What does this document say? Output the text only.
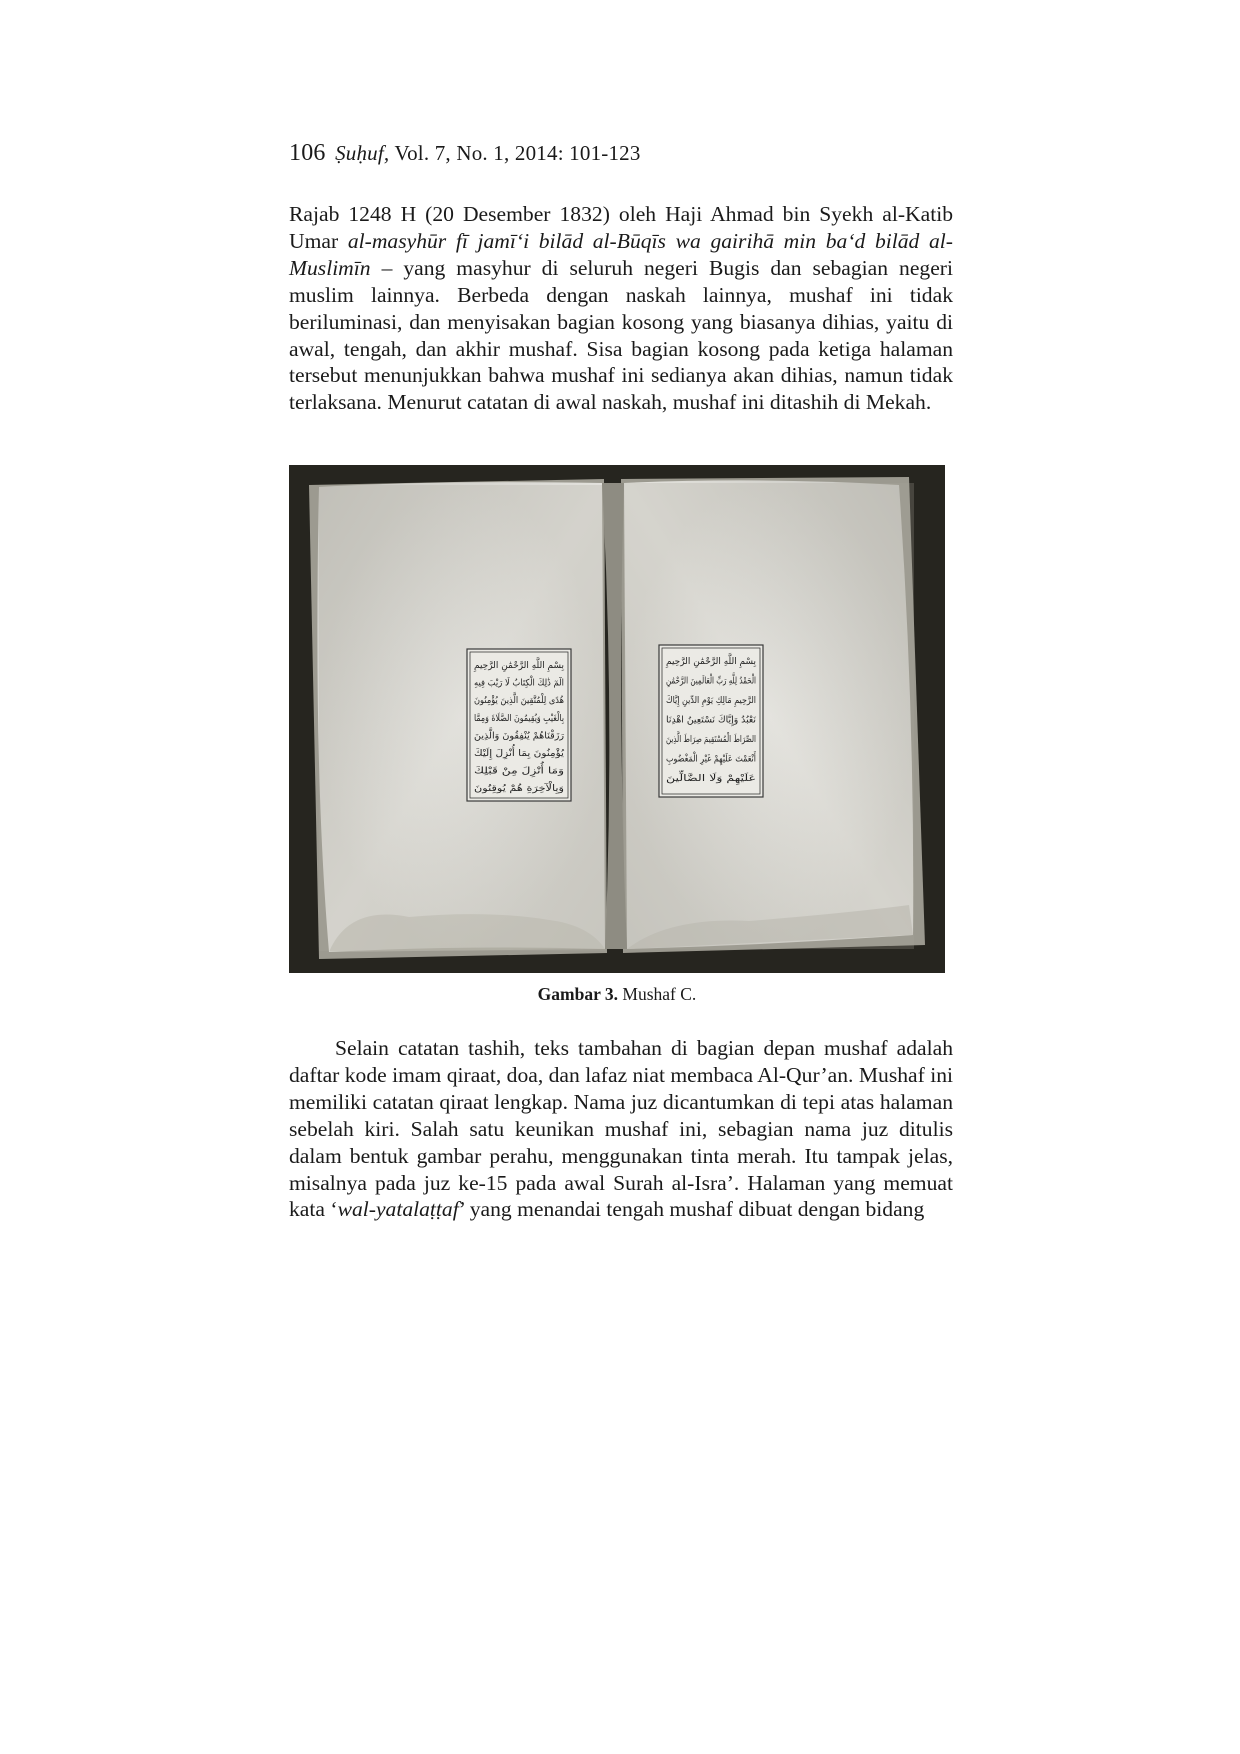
106 Ṣuḥuf, Vol. 7, No. 1, 2014: 101-123
Rajab 1248 H (20 Desember 1832) oleh Haji Ahmad bin Syekh al-Katib Umar al-masyhūr fī jamī‘i bilād al-Būqīs wa gairihā min ba‘d bilād al-Muslimīn – yang masyhur di seluruh negeri Bugis dan sebagian negeri muslim lainnya. Berbeda dengan naskah lainnya, mushaf ini tidak beriluminasi, dan menyisakan bagian kosong yang biasanya dihias, yaitu di awal, tengah, dan akhir mushaf. Sisa bagian kosong pada ketiga halaman tersebut menunjukkan bahwa mushaf ini sedianya akan dihias, namun tidak terlaksana. Menurut catatan di awal naskah, mushaf ini ditashih di Mekah.
بِسْمِ اللَّهِ الرَّحْمَٰنِ الرَّحِيمِ
الٓمٓ ذَٰلِكَ الْكِتَابُ لَا رَيْبَ فِيهِ
هُدًى لِلْمُتَّقِينَ الَّذِينَ يُؤْمِنُونَ
بِالْغَيْبِ وَيُقِيمُونَ الصَّلَاةَ وَمِمَّا
رَزَقْنَاهُمْ يُنْفِقُونَ وَالَّذِينَ
يُؤْمِنُونَ بِمَا أُنْزِلَ إِلَيْكَ
وَمَا أُنْزِلَ مِنْ قَبْلِكَ
وَبِالْآخِرَةِ هُمْ يُوقِنُونَ
بِسْمِ اللَّهِ الرَّحْمَٰنِ الرَّحِيمِ
الْحَمْدُ لِلَّهِ رَبِّ الْعَالَمِينَ الرَّحْمَٰنِ
الرَّحِيمِ مَالِكِ يَوْمِ الدِّينِ إِيَّاكَ
نَعْبُدُ وَإِيَّاكَ نَسْتَعِينُ اهْدِنَا
الصِّرَاطَ الْمُسْتَقِيمَ صِرَاطَ الَّذِينَ
أَنْعَمْتَ عَلَيْهِمْ غَيْرِ الْمَغْضُوبِ
عَلَيْهِمْ وَلَا الضَّالِّينَ
Gambar 3. Mushaf C.
Selain catatan tashih, teks tambahan di bagian depan mushaf adalah daftar kode imam qiraat, doa, dan lafaz niat membaca Al-Qur’an. Mushaf ini memiliki catatan qiraat lengkap. Nama juz dicantumkan di tepi atas halaman sebelah kiri. Salah satu keunikan mushaf ini, sebagian nama juz ditulis dalam bentuk gambar perahu, menggunakan tinta merah. Itu tampak jelas, misalnya pada juz ke-15 pada awal Surah al-Isra’. Halaman yang memuat kata ‘wal-yatalaṭṭaf’ yang menandai tengah mushaf dibuat dengan bidang
